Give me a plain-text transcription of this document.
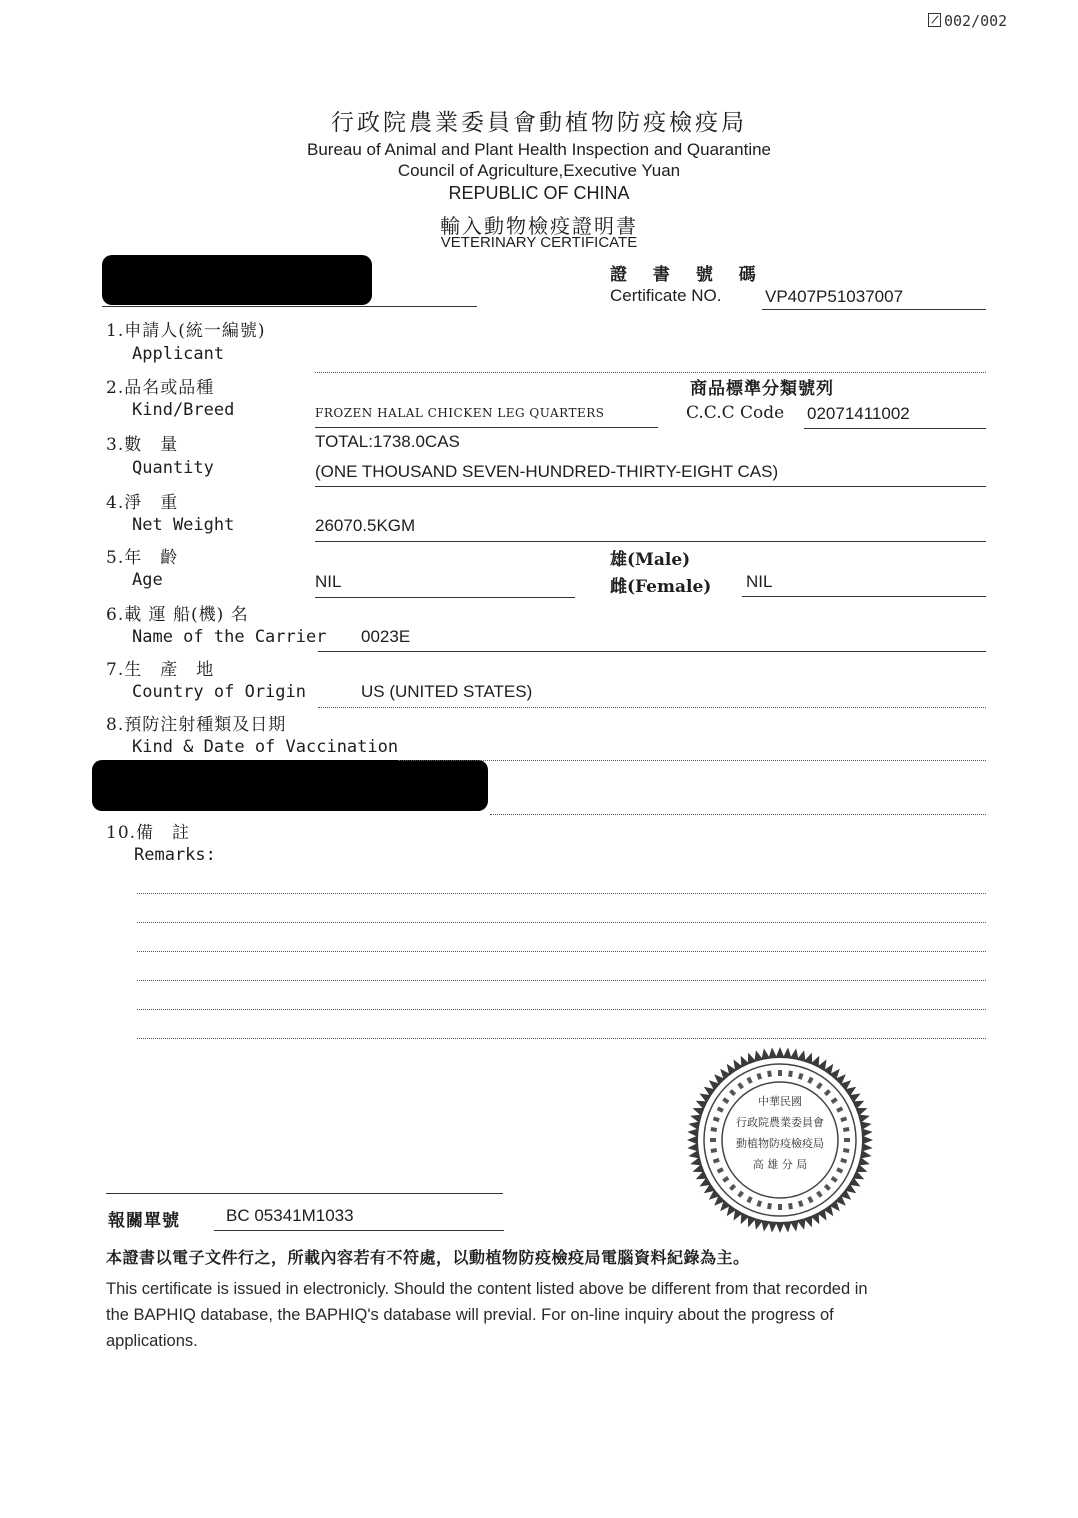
002/002
行政院農業委員會動植物防疫檢疫局
Bureau of Animal and Plant Health Inspection and Quarantine
Council of Agriculture,Executive Yuan
REPUBLIC OF CHINA
輸入動物檢疫證明書
VETERINARY CERTIFICATE
證 書 號 碼
Certificate NO.	VP407P51037007
1.申請人(統一編號)
Applicant
2.品名或品種
Kind/Breed	FROZEN HALAL CHICKEN LEG QUARTERS
商品標準分類號列
C.C.C Code 02071411002
3.數　量
Quantity
TOTAL:1738.0CAS
(ONE THOUSAND SEVEN-HUNDRED-THIRTY-EIGHT CAS)
4.淨　重
Net Weight	26070.5KGM
5.年　齡
Age	NIL
雄(Male)
雌(Female) NIL
6.載 運 船(機) 名
Name of the Carrier 0023E
7.生　產　地
Country of Origin	US (UNITED STATES)
8.預防注射種類及日期
Kind & Date of Vaccination
10.備　註
Remarks:
中華民國
行政院農業委員會
動植物防疫檢疫局
高 雄 分 局
報關單號	BC 05341M1033
本證書以電子文件行之，所載內容若有不符處，以動植物防疫檢疫局電腦資料紀錄為主。
This certificate is issued in electronicly. Should the content listed above be different from that recorded in
the BAPHIQ database, the BAPHIQ's database will previal. For on-line inquiry about the progress of
applications.
